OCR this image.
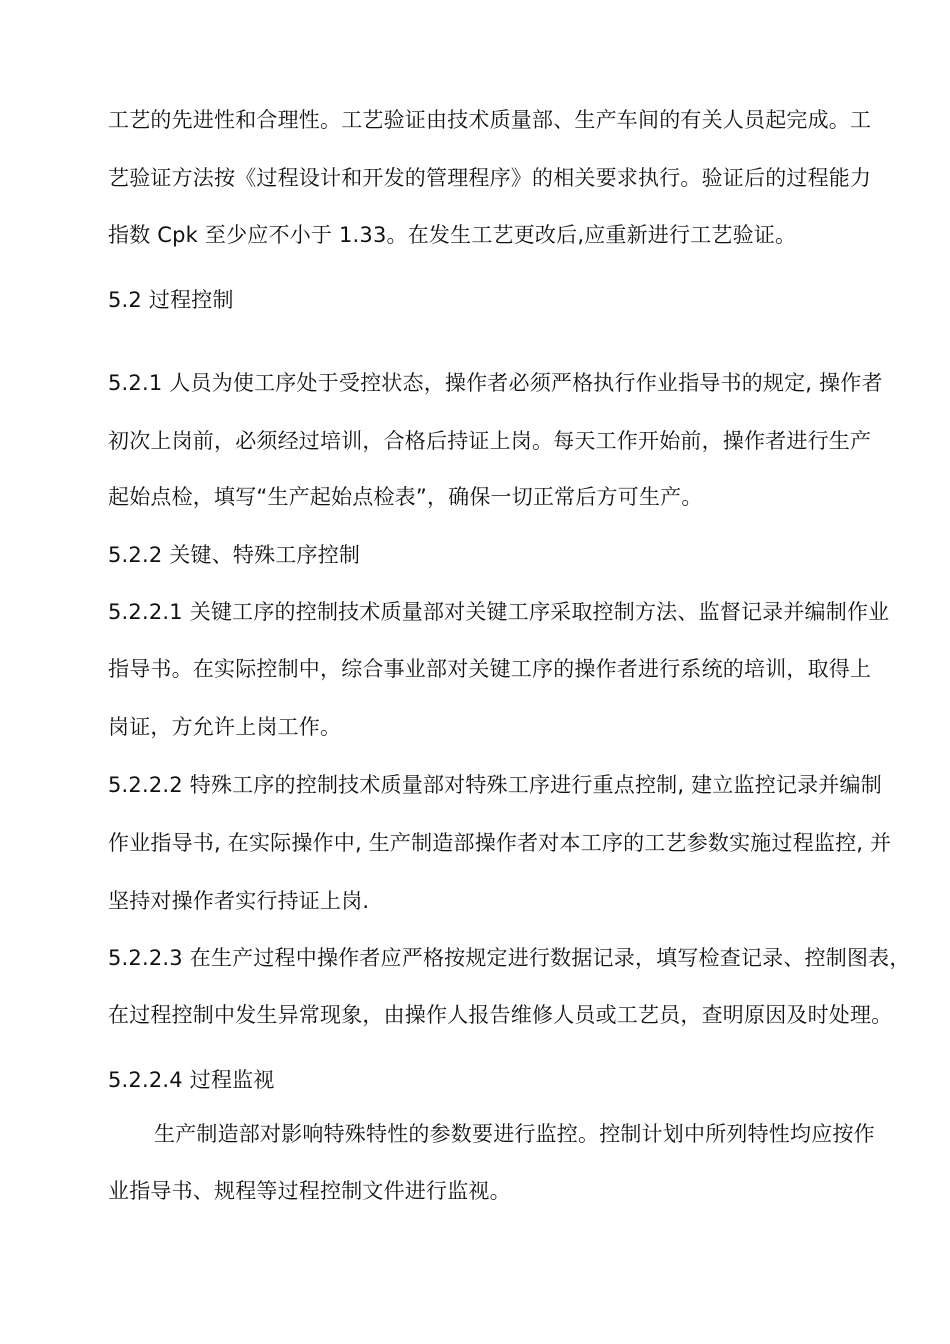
工艺的先进性和合理性。工艺验证由技术质量部、生产车间的有关人员起完成。工
艺验证方法按《过程设计和开发的管理程序》的相关要求执行。验证后的过程能力
指数 Cpk 至少应不小于 1.33。在发生工艺更改后,应重新进行工艺验证。
5.2 过程控制
5.2.1 人员为使工序处于受控状态，操作者必须严格执行作业指导书的规定, 操作者
初次上岗前，必须经过培训，合格后持证上岗。每天工作开始前，操作者进行生产
起始点检，填写“生产起始点检表”，确保一切正常后方可生产。
5.2.2 关键、特殊工序控制
5.2.2.1 关键工序的控制技术质量部对关键工序采取控制方法、监督记录并编制作业
指导书。在实际控制中，综合事业部对关键工序的操作者进行系统的培训，取得上
岗证，方允许上岗工作。
5.2.2.2 特殊工序的控制技术质量部对特殊工序进行重点控制, 建立监控记录并编制
作业指导书, 在实际操作中, 生产制造部操作者对本工序的工艺参数实施过程监控, 并
坚持对操作者实行持证上岗.
5.2.2.3 在生产过程中操作者应严格按规定进行数据记录，填写检查记录、控制图表，
在过程控制中发生异常现象，由操作人报告维修人员或工艺员，查明原因及时处理。
5.2.2.4 过程监视
生产制造部对影响特殊特性的参数要进行监控。控制计划中所列特性均应按作
业指导书、规程等过程控制文件进行监视。
